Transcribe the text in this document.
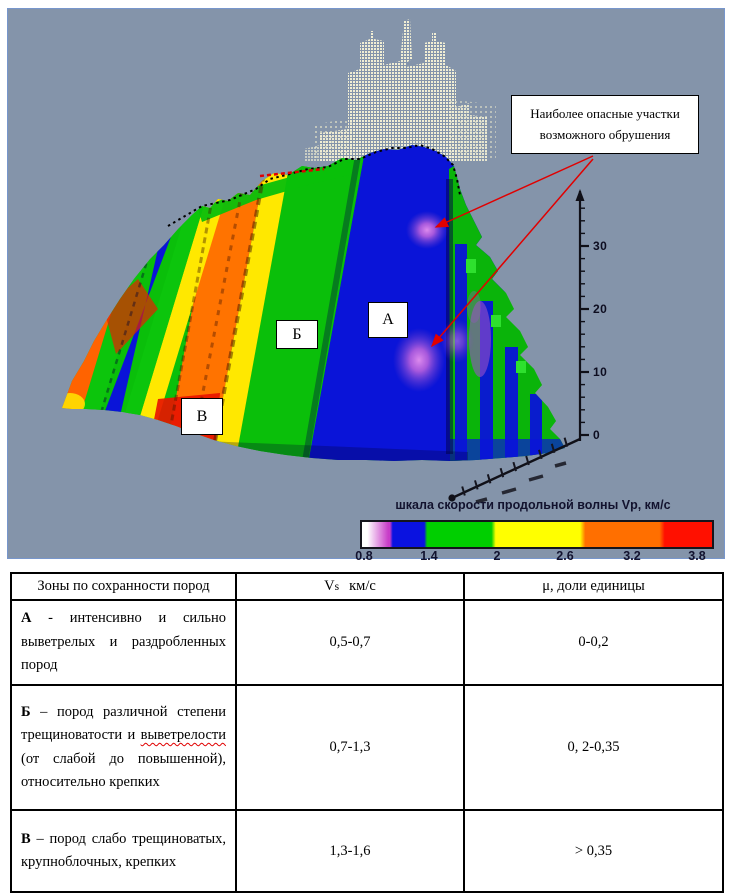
Наиболее опасные участки
возможного обрушения
А
Б
В
30
20
10
0
шкала скорости продольной волны Vp, км/с
0.8	1.4	2	2.6	3.2	3.8
Зоны по сохранности пород	Vs км/с	μ, доли единицы
А - интенсивно и сильно выветрелых и раздробленных пород	0,5-0,7	0-0,2
Б – пород различной степени трещиноватости и выветрелости (от слабой до повышенной), относительно крепких	0,7-1,3	0, 2-0,35
В – пород слабо трещиноватых, крупноблочных, крепких	1,3-1,6	> 0,35
